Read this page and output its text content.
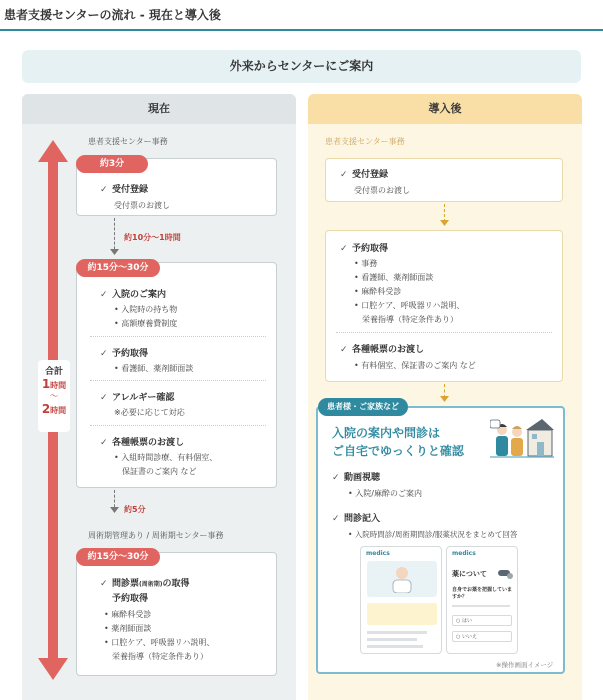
患者支援センターの流れ - 現在と導入後
外来からセンターにご案内
現在	導入後
合計
1時間
〜
2時間
患者支援センター事務
約3分
✓ 受付登録
受付票のお渡し
約10分〜1時間
約15分〜30分
✓ 入院のご案内
• 入院時の持ち物
• 高額療養費制度
✓ 予約取得
• 看護師、薬剤師面談
✓ アレルギー確認
※必要に応じて対応
✓ 各種帳票のお渡し
• 入組時間診療、有料個室、
保証書のご案内 など
約5分
周術期管理あり / 周術期センター事務
約15分〜30分
✓ 問診票(周術期)の取得
予約取得
• 麻酔科受診
• 薬剤師面談
• 口腔ケア、呼吸器リハ説明、
栄養指導（特定条件あり）
患者支援センター事務
✓ 受付登録
受付票のお渡し
✓ 予約取得
• 事務
• 看護師、薬剤師面談
• 麻酔科受診
• 口腔ケア、呼吸器リハ説明、
栄養指導（特定条件あり）
✓ 各種帳票のお渡し
• 有料個室、保証書のご案内 など
患者様・ご家族など
入院の案内や問診は
ご自宅でゆっくりと確認
✓ 動画視聴
• 入院/麻酔のご案内
✓ 問診記入
• 入院時問診/周術期問診/服薬状況をまとめて回答
medics	medics
薬について
自身でお薬を把握していますか？
○ はい
○ いいえ
※操作画面イメージ
